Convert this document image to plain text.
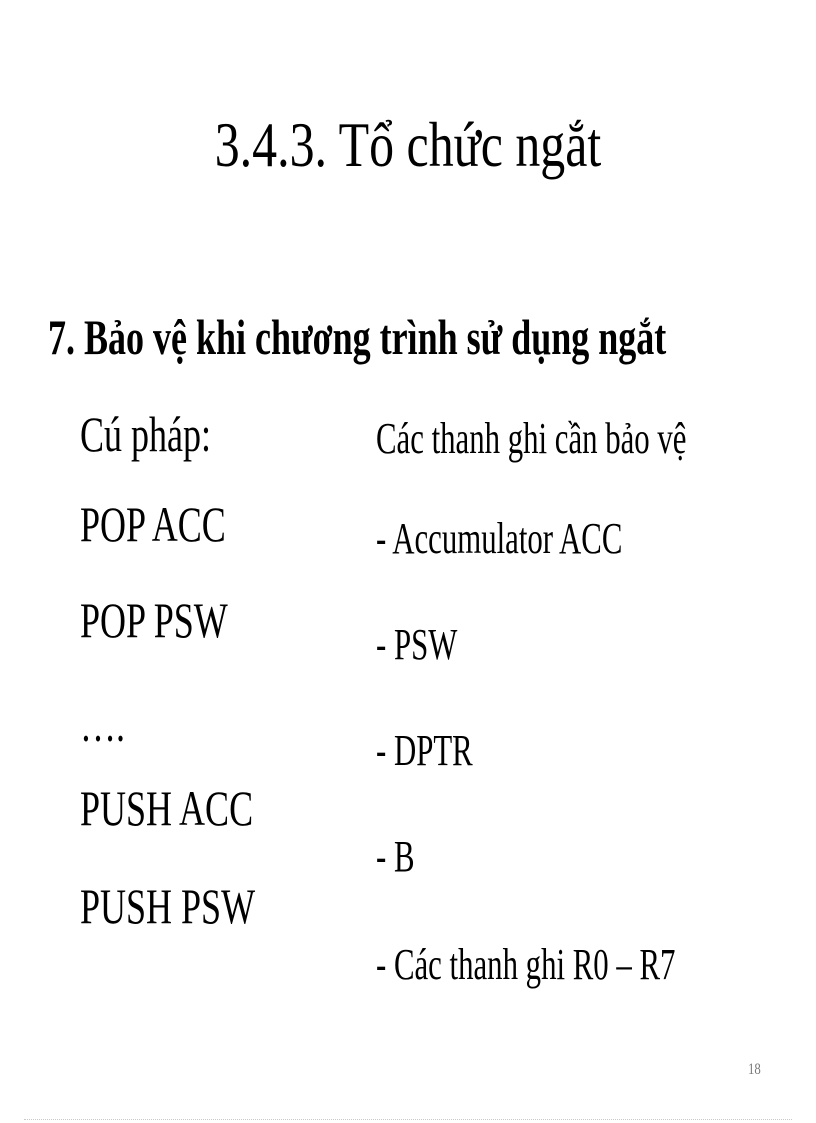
3.4.3. Tổ chức ngắt
7. Bảo vệ khi chương trình sử dụng ngắt
Cú pháp:
POP ACC
POP PSW
….
PUSH ACC
PUSH PSW
Các thanh ghi cần bảo vệ
- Accumulator ACC
- PSW
- DPTR
- B
- Các thanh ghi R0 – R7
18
